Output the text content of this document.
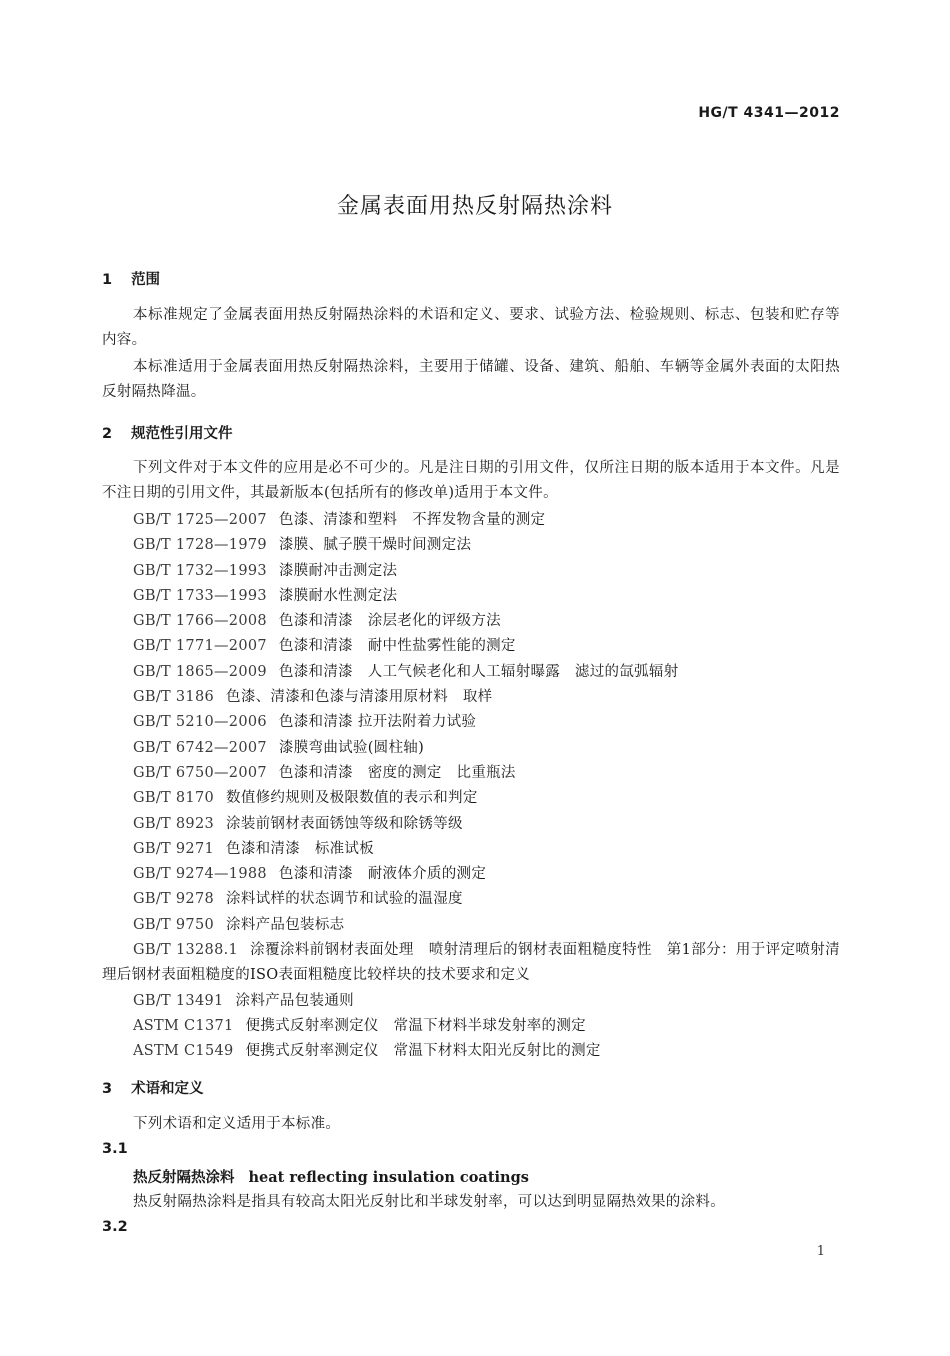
HG/T 4341—2012
金属表面用热反射隔热涂料
1 范围
本标准规定了金属表面用热反射隔热涂料的术语和定义、要求、试验方法、检验规则、标志、包装和贮存等内容。
本标准适用于金属表面用热反射隔热涂料，主要用于储罐、设备、建筑、船舶、车辆等金属外表面的太阳热反射隔热降温。
2 规范性引用文件
下列文件对于本文件的应用是必不可少的。凡是注日期的引用文件，仅所注日期的版本适用于本文件。凡是不注日期的引用文件，其最新版本(包括所有的修改单)适用于本文件。
GB/T 1725—2007 色漆、清漆和塑料　不挥发物含量的测定
GB/T 1728—1979 漆膜、腻子膜干燥时间测定法
GB/T 1732—1993 漆膜耐冲击测定法
GB/T 1733—1993 漆膜耐水性测定法
GB/T 1766—2008 色漆和清漆　涂层老化的评级方法
GB/T 1771—2007 色漆和清漆　耐中性盐雾性能的测定
GB/T 1865—2009 色漆和清漆　人工气候老化和人工辐射曝露　滤过的氙弧辐射
GB/T 3186 色漆、清漆和色漆与清漆用原材料　取样
GB/T 5210—2006 色漆和清漆 拉开法附着力试验
GB/T 6742—2007 漆膜弯曲试验(圆柱轴)
GB/T 6750—2007 色漆和清漆　密度的测定　比重瓶法
GB/T 8170 数值修约规则及极限数值的表示和判定
GB/T 8923 涂装前钢材表面锈蚀等级和除锈等级
GB/T 9271 色漆和清漆　标准试板
GB/T 9274—1988 色漆和清漆　耐液体介质的测定
GB/T 9278 涂料试样的状态调节和试验的温湿度
GB/T 9750 涂料产品包装标志
GB/T 13288.1 涂覆涂料前钢材表面处理　喷射清理后的钢材表面粗糙度特性　第1部分：用于评定喷射清理后钢材表面粗糙度的ISO表面粗糙度比较样块的技术要求和定义
GB/T 13491 涂料产品包装通则
ASTM C1371 便携式反射率测定仪　常温下材料半球发射率的测定
ASTM C1549 便携式反射率测定仪　常温下材料太阳光反射比的测定
3 术语和定义
下列术语和定义适用于本标准。
3.1
热反射隔热涂料 heat reflecting insulation coatings
热反射隔热涂料是指具有较高太阳光反射比和半球发射率，可以达到明显隔热效果的涂料。
3.2
1
